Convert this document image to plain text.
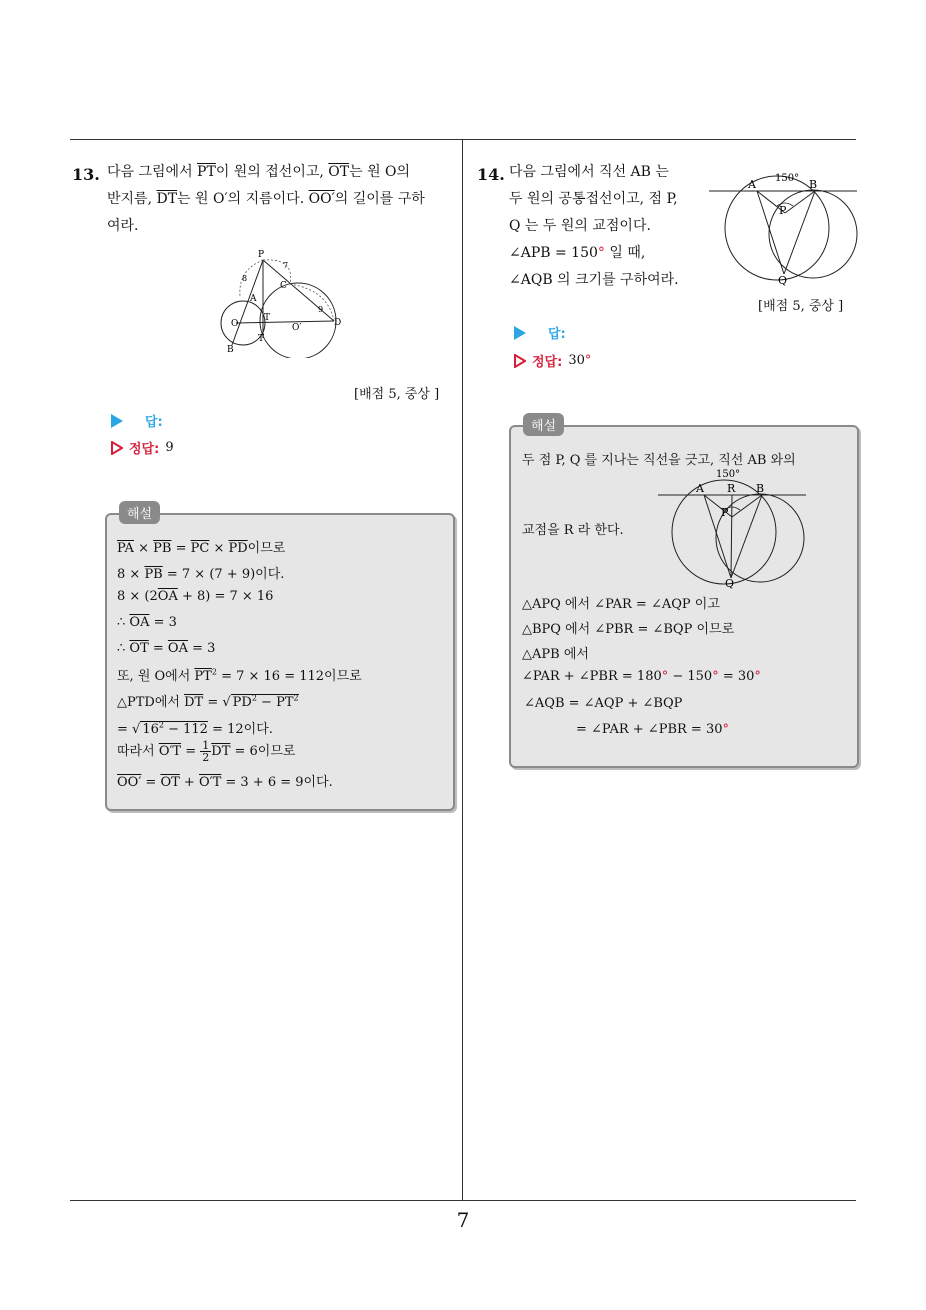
13. 다음 그림에서 $\overline{PT}$이 원의 접선이고, $\overline{OT}$는 원 O의
반지름, $\overline{DT}$는 원 O′의 지름이다. OO′의 길이를 구하
여라.
P
A
C
O
T
T
O′	D
B
8
7
9
[배점 5, 중상 ]
답:
정답: 9
해설
$\overline{PA} \times \overline{PB} = \overline{PC} \times \overline{PD}$이므로
$8 \times \overline{PB} = 7 \times (7 + 9)$이다.
$8 \times (2\overline{OA} + 8) = 7 \times 16$
∴ $\overline{OA} = 3$
∴ $\overline{OT} = \overline{OA} = 3$
또, 원 O에서 $\overline{PT}^2 = 7 \times 16 = 112$이므로
△PTD에서 $\overline{DT}$ = √ $PD^2 - \overline{PT}^2$
= √ $16^2 - 112 = 12$이다.
따라서 $O'T = \frac{1}{2} \overline{DT} = 6$이므로
$OO' = \overline{OT} + O'T = 3 + 6 = 9$이다.
14. 다음 그림에서 직선 AB 는
두 원의 공통접선이고, 점 P,
Q 는 두 원의 교점이다.
∠APB = 150° 일 때,
∠AQB 의 크기를 구하여라.
150°
A	B
P
Q
[배점 5, 중상 ]
답:
정답: 30°
해설
두 점 P, Q 를 지나는 직선을 긋고, 직선 AB 와의
150°
A R B
P
Q
교점을 R 라 한다.
△APQ 에서 ∠PAR = ∠AQP 이고
△BPQ 에서 ∠PBR = ∠BQP 이므로
△APB 에서
∠PAR + ∠PBR = 180° − 150° = 30°
∠AQB = ∠AQP + ∠BQP
= ∠PAR + ∠PBR = 30°
7
